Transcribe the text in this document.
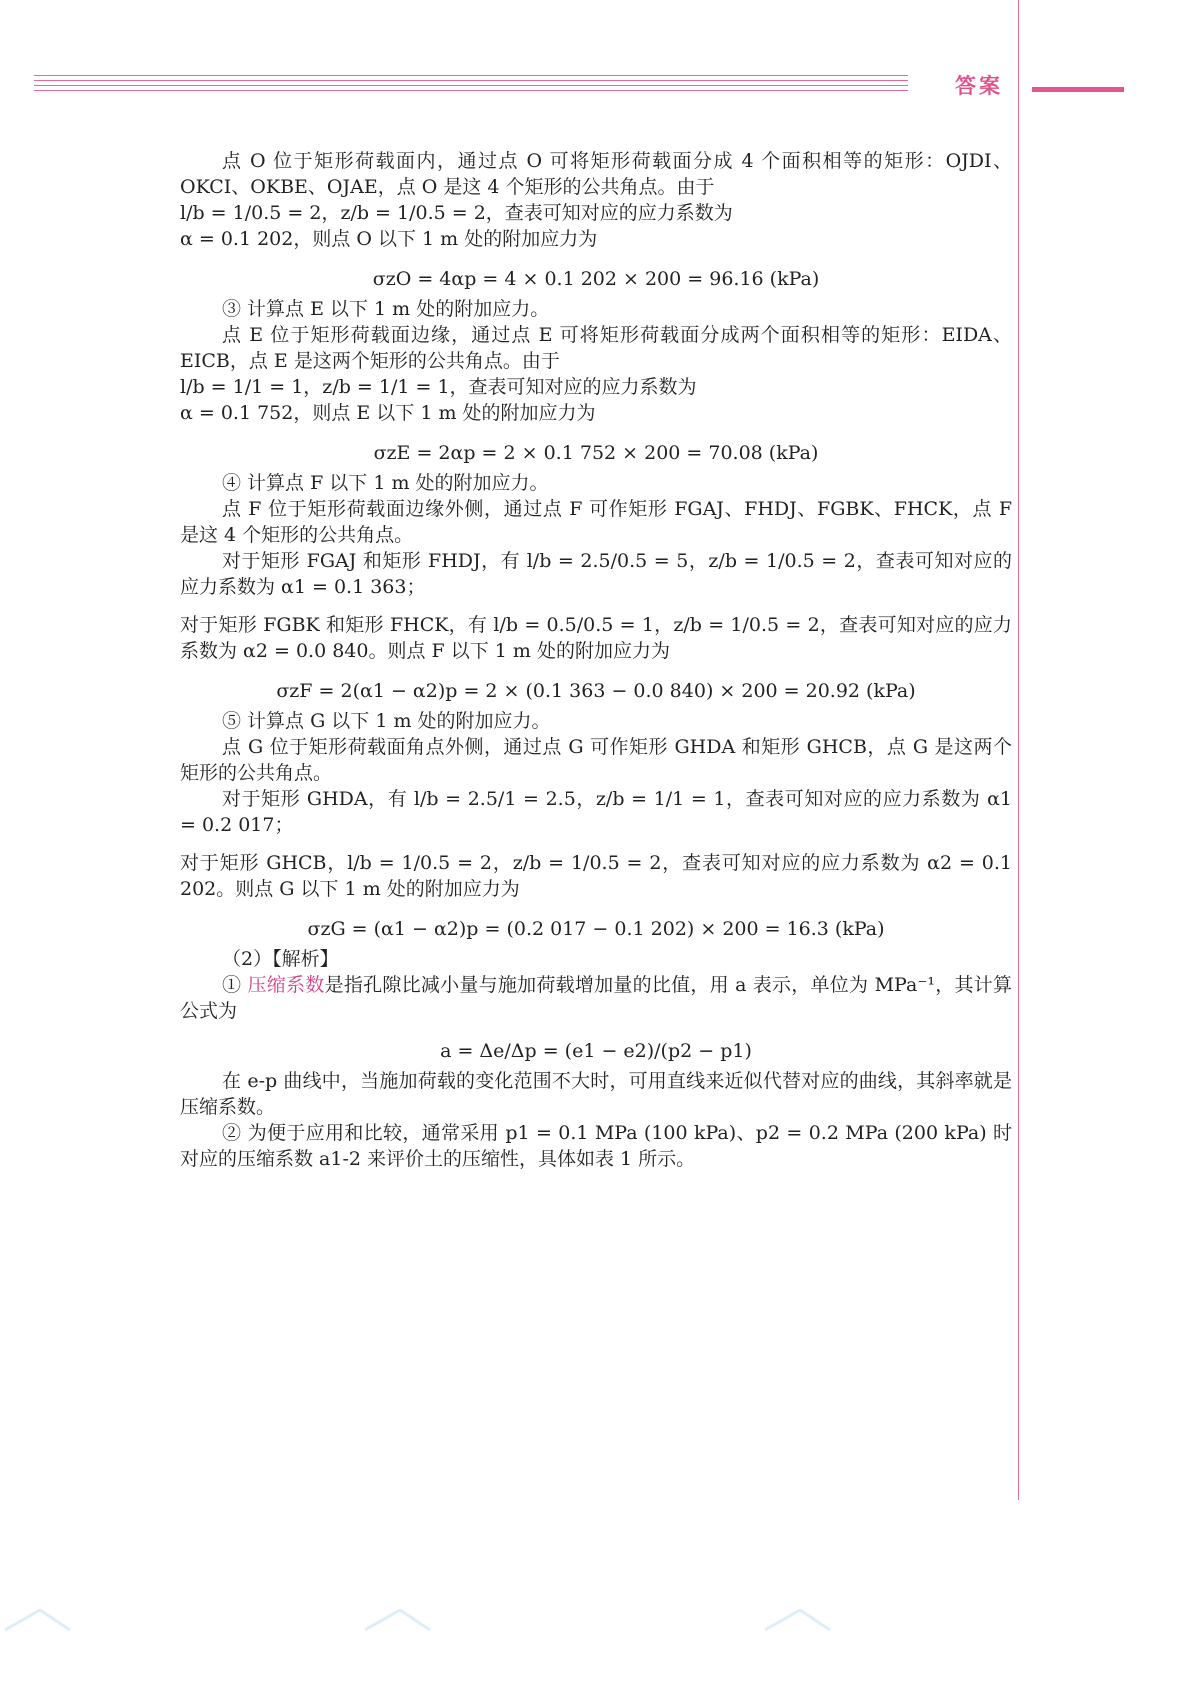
答案

点 O 位于矩形荷载面内，通过点 O 可将矩形荷载面分成 4 个面积相等的矩形：OJDI、OKCI、OKBE、OJAE，点 O 是这 4 个矩形的公共角点。由于

l/b = 1/0.5 = 2，z/b = 1/0.5 = 2，查表可知对应的应力系数为

α = 0.1 202，则点 O 以下 1 m 处的附加应力为

σzO = 4αp = 4 × 0.1 202 × 200 = 96.16 (kPa)

③ 计算点 E 以下 1 m 处的附加应力。

点 E 位于矩形荷载面边缘，通过点 E 可将矩形荷载面分成两个面积相等的矩形：EIDA、EICB，点 E 是这两个矩形的公共角点。由于

l/b = 1/1 = 1，z/b = 1/1 = 1，查表可知对应的应力系数为

α = 0.1 752，则点 E 以下 1 m 处的附加应力为

σzE = 2αp = 2 × 0.1 752 × 200 = 70.08 (kPa)

④ 计算点 F 以下 1 m 处的附加应力。

点 F 位于矩形荷载面边缘外侧，通过点 F 可作矩形 FGAJ、FHDJ、FGBK、FHCK，点 F 是这 4 个矩形的公共角点。

对于矩形 FGAJ 和矩形 FHDJ，有 l/b = 2.5/0.5 = 5，z/b = 1/0.5 = 2，查表可知对应的应力系数为 α1 = 0.1 363；

对于矩形 FGBK 和矩形 FHCK，有 l/b = 0.5/0.5 = 1，z/b = 1/0.5 = 2，查表可知对应的应力系数为 α2 = 0.0 840。则点 F 以下 1 m 处的附加应力为

σzF = 2(α1 − α2)p = 2 × (0.1 363 − 0.0 840) × 200 = 20.92 (kPa)

⑤ 计算点 G 以下 1 m 处的附加应力。

点 G 位于矩形荷载面角点外侧，通过点 G 可作矩形 GHDA 和矩形 GHCB，点 G 是这两个矩形的公共角点。

对于矩形 GHDA，有 l/b = 2.5/1 = 2.5，z/b = 1/1 = 1，查表可知对应的应力系数为 α1 = 0.2 017；

对于矩形 GHCB，l/b = 1/0.5 = 2，z/b = 1/0.5 = 2，查表可知对应的应力系数为 α2 = 0.1 202。则点 G 以下 1 m 处的附加应力为

σzG = (α1 − α2)p = (0.2 017 − 0.1 202) × 200 = 16.3 (kPa)

（2）【解析】

① 压缩系数是指孔隙比减小量与施加荷载增加量的比值，用 a 表示，单位为 MPa⁻¹，其计算公式为

a = Δe/Δp = (e1 − e2)/(p2 − p1)

在 e-p 曲线中，当施加荷载的变化范围不大时，可用直线来近似代替对应的曲线，其斜率就是压缩系数。

② 为便于应用和比较，通常采用 p1 = 0.1 MPa (100 kPa)、p2 = 0.2 MPa (200 kPa) 时对应的压缩系数 a1-2 来评价土的压缩性，具体如表 1 所示。
